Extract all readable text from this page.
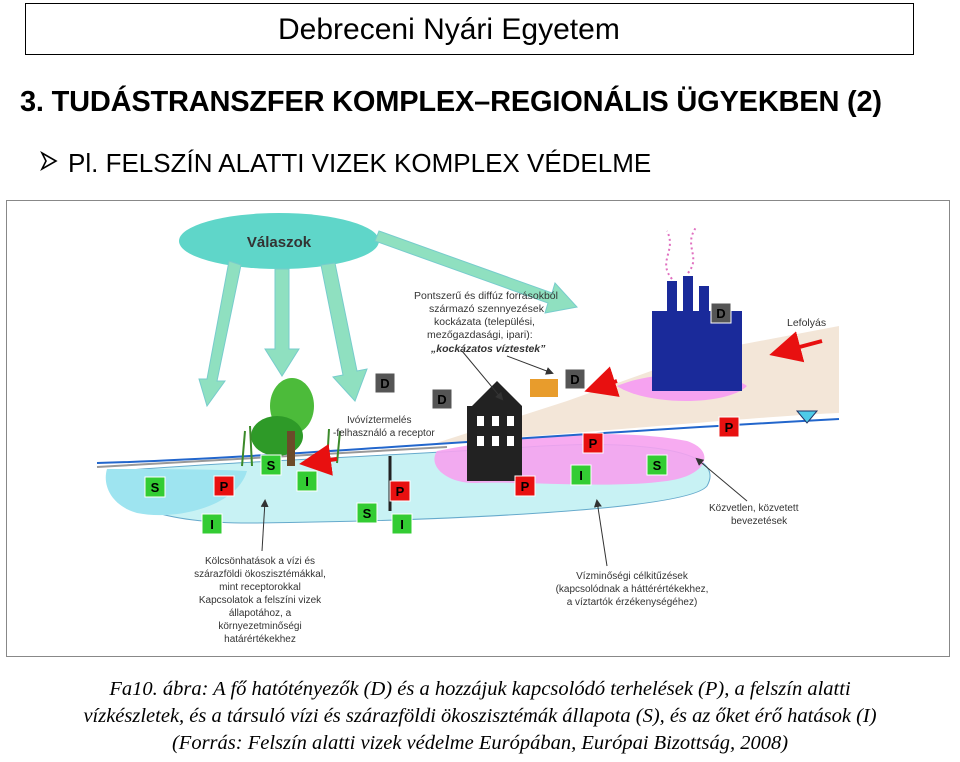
Debreceni Nyári Egyetem
3. TUDÁSTRANSZFER KOMPLEX–REGIONÁLIS ÜGYEKBEN (2)
Pl. FELSZÍN ALATTI VIZEK KOMPLEX VÉDELME
Válaszok
Pontszerű és diffúz forrásokból
származó szennyezések
kockázata (települési,
mezőgazdasági, ipari):
„kockázatos víztestek”
Lefolyás
Ivóvíztermelés
-felhasználó a receptor
Közvetlen, közvetett
bevezetések
Kölcsönhatások a vízi és
szárazföldi ökoszisztémákkal,
mint receptorokkal
Kapcsolatok a felszíni vizek
állapotához, a
környezetminőségi
határértékekhez
Vízminőségi célkitűzések
(kapcsolódnak a háttérértékekhez,
a víztartók érzékenységéhez)
D
D
D
D
P
P
P
P
P
S
S
S
S
I	I
I
I
Fa10. ábra: A fő hatótényezők (D) és a hozzájuk kapcsolódó terhelések (P), a felszín alatti
vízkészletek, és a társuló vízi és szárazföldi ökoszisztémák állapota (S), és az őket érő hatások (I)
(Forrás: Felszín alatti vizek védelme Európában, Európai Bizottság, 2008)
